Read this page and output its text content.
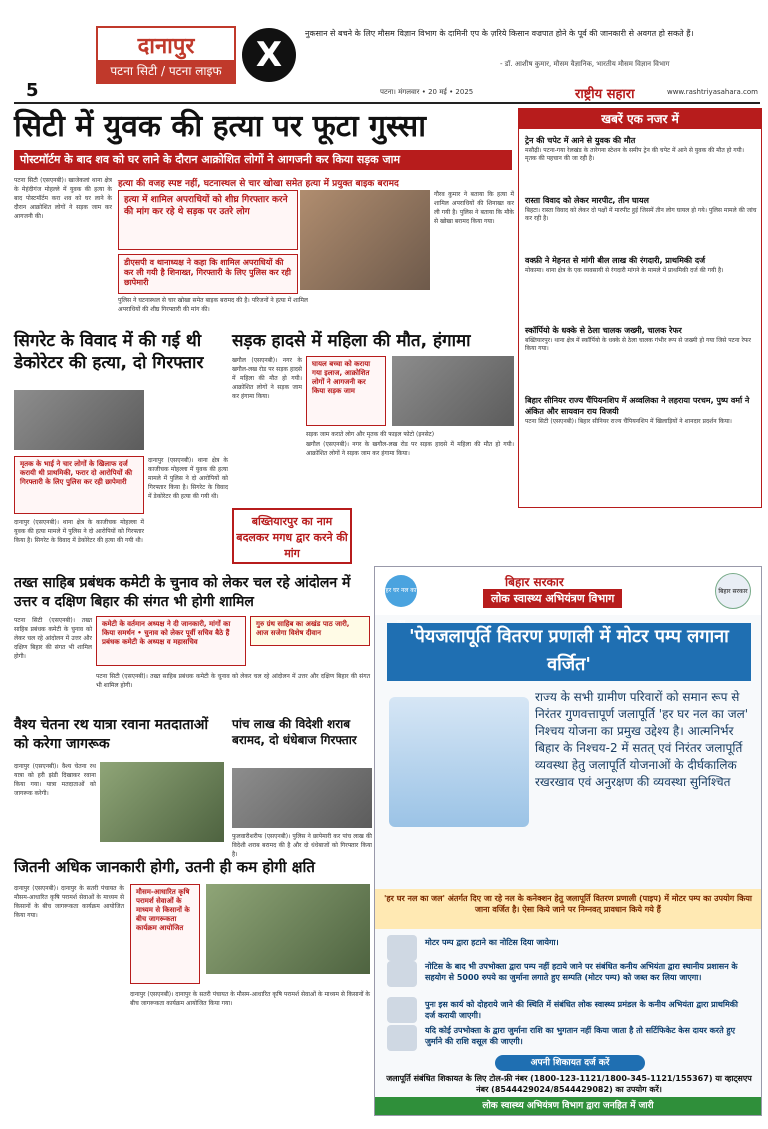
दानापुर
पटना सिटी / पटना लाइफ
5
X
नुकसान से बचने के लिए मौसम विज्ञान विभाग के दामिनी एप के ज़रिये किसान वज्रपात होने के पूर्व की जानकारी से अवगत हो सकते हैं।
- डॉ. आशीष कुमार, मौसम वैज्ञानिक, भारतीय मौसम विज्ञान विभाग
पटना। मंगलवार • 20 मई • 2025	राष्ट्रीय सहारा	www.rashtriyasahara.com
सिटी में युवक की हत्या पर फूटा गुस्सा
पोस्टमॉर्टम के बाद शव को घर लाने के दौरान आक्रोशित लोगों ने आगजनी कर किया सड़क जाम
पटना सिटी (एसएनबी)। खाजेकलां थाना क्षेत्र के मेहंदीगंज मोहल्ले में युवक की हत्या के बाद पोस्टमॉर्टम करा शव को घर लाने के दौरान आक्रोशित लोगों ने सड़क जाम कर आगजनी की।
हत्या की वजह स्पष्ट नहीं, घटनास्थल से चार खोखा समेत हत्या में प्रयुक्त बाइक बरामद
हत्या में शामिल अपराधियों को शीघ्र गिरफ्तार करने की मांग कर रहे थे सड़क पर उतरे लोग
डीएसपी व थानाध्यक्ष ने कहा कि शामिल अपराधियों की कर ली गयी है शिनाख्त, गिरफ्तारी के लिए पुलिस कर रही छापेमारी
पुलिस ने घटनास्थल से चार खोखा समेत बाइक बरामद की है। परिजनों ने हत्या में शामिल अपराधियों की शीघ्र गिरफ्तारी की मांग की।
गौरव कुमार ने बताया कि हत्या में शामिल अपराधियों की शिनाख्त कर ली गयी है। पुलिस ने बताया कि मौके से खोखा बरामद किया गया।
सिगरेट के विवाद में की गई थी डेकोरेटर की हत्या, दो गिरफ्तार
मृतक के भाई ने चार लोगों के खिलाफ दर्ज करायी थी प्राथमिकी, फरार दो आरोपियों की गिरफ्तारी के लिए पुलिस कर रही छापेमारी
दानापुर (एसएनबी)। थाना क्षेत्र के काजीचक मोहल्ला में युवक की हत्या मामले में पुलिस ने दो आरोपियों को गिरफ्तार किया है। सिगरेट के विवाद में डेकोरेटर की हत्या की गयी थी।
दानापुर (एसएनबी)। थाना क्षेत्र के काजीचक मोहल्ला में युवक की हत्या मामले में पुलिस ने दो आरोपियों को गिरफ्तार किया है। सिगरेट के विवाद में डेकोरेटर की हत्या की गयी थी।
सड़क हादसे में महिला की मौत, हंगामा
खगौल (एसएनबी)। नगर के खगौल-लख रोड पर सड़क हादसे में महिला की मौत हो गयी। आक्रोशित लोगों ने सड़क जाम कर हंगामा किया।
घायल बच्चा को कराया गया इलाज, आक्रोशित लोगों ने आगजनी कर किया सड़क जाम
सड़क जाम कराते लोग और मृतक की फाइल फोटो (इनसेट)
खगौल (एसएनबी)। नगर के खगौल-लख रोड पर सड़क हादसे में महिला की मौत हो गयी। आक्रोशित लोगों ने सड़क जाम कर हंगामा किया।
बख्तियारपुर का नाम बदलकर मगध द्वार करने की मांग
खबरें एक नजर में
ट्रेन की चपेट में आने से युवक की मौत
मसौढ़ी। पटना-गया रेलखंड के तारेगना स्टेशन के समीप ट्रेन की चपेट में आने से युवक की मौत हो गयी। मृतक की पहचान की जा रही है।
रास्ता विवाद को लेकर मारपीट, तीन घायल
बिहटा। रास्ता विवाद को लेकर दो पक्षों में मारपीट हुई जिसमें तीन लोग घायल हो गये। पुलिस मामले की जांच कर रही है।
वक्फ़ी ने मेहनत से मांगी बील लाख की रंगदारी, प्राथमिकी दर्ज
मोकामा। थाना क्षेत्र के एक व्यवसायी से रंगदारी मांगने के मामले में प्राथमिकी दर्ज की गयी है।
स्कॉर्पियो के धक्के से ठेला चालक जख्मी, चालक रेफर
बख्तियारपुर। थाना क्षेत्र में स्कॉर्पियो के धक्के से ठेला चालक गंभीर रूप से जख्मी हो गया जिसे पटना रेफर किया गया।
बिहार सीनियर राज्य चैंपियनशिप में अव्वलिका ने लहराया परचम, पुष्प वर्मा ने अंकित और सायवान राय विजयी
पटना सिटी (एसएनबी)। बिहार सीनियर राज्य चैंपियनशिप में खिलाड़ियों ने शानदार प्रदर्शन किया।
तख्त साहिब प्रबंधक कमेटी के चुनाव को लेकर चल रहे आंदोलन में उत्तर व दक्षिण बिहार की संगत भी होगी शामिल
कमेटी के वर्तमान अध्यक्ष ने दी जानकारी, मांगों का किया समर्थन • चुनाव को लेकर पूर्वी सचिव बैठे हैं प्रबंधक कमेटी के अध्यक्ष व महासचिव
गुरु ग्रंथ साहिब का अखंड पाठ जारी, आज सजेगा विशेष दीवान
पटना सिटी (एसएनबी)। तख्त साहिब प्रबंधक कमेटी के चुनाव को लेकर चल रहे आंदोलन में उत्तर और दक्षिण बिहार की संगत भी शामिल होगी।
पटना सिटी (एसएनबी)। तख्त साहिब प्रबंधक कमेटी के चुनाव को लेकर चल रहे आंदोलन में उत्तर और दक्षिण बिहार की संगत भी शामिल होगी।
वैश्य चेतना रथ यात्रा रवाना मतदाताओं को करेगा जागरूक
दानापुर (एसएनबी)। वैश्य चेतना रथ यात्रा को हरी झंडी दिखाकर रवाना किया गया। यात्रा मतदाताओं को जागरूक करेगी।
पांच लाख की विदेशी शराब बरामद, दो धंधेबाज गिरफ्तार
फुलवारीशरीफ (एसएनबी)। पुलिस ने छापेमारी कर पांच लाख की विदेशी शराब बरामद की है और दो धंधेबाजों को गिरफ्तार किया है।
जितनी अधिक जानकारी होगी, उतनी ही कम होगी क्षति
दानापुर (एसएनबी)। दानापुर के सतरी पंचायत के मौसम-आधारित कृषि परामर्श सेवाओं के माध्यम से किसानों के बीच जागरूकता कार्यक्रम आयोजित किया गया।
मौसम-आधारित कृषि परामर्श सेवाओं के माध्यम से किसानों के बीच जागरूकता कार्यक्रम आयोजित
दानापुर (एसएनबी)। दानापुर के सतरी पंचायत के मौसम-आधारित कृषि परामर्श सेवाओं के माध्यम से किसानों के बीच जागरूकता कार्यक्रम आयोजित किया गया।
हर घर नल का
बिहार सरकार
लोक स्वास्थ्य अभियंत्रण विभाग
बिहार सरकार
'पेयजलापूर्ति वितरण प्रणाली में मोटर पम्प लगाना वर्जित'
राज्य के सभी ग्रामीण परिवारों को समान रूप से निरंतर गुणवत्तापूर्ण जलापूर्ति 'हर घर नल का जल' निश्चय योजना का प्रमुख उद्देश्य है। आत्मनिर्भर बिहार के निश्चय-2 में सतत् एवं निरंतर जलापूर्ति व्यवस्था हेतु जलापूर्ति योजनाओं के दीर्घकालिक रखरखाव एवं अनुरक्षण की व्यवस्था सुनिश्चित
'हर घर नल का जल' अंतर्गत दिए जा रहे नल के कनेक्शन हेतु जलापूर्ति वितरण प्रणाली (पाइप) में मोटर पम्प का उपयोग किया जाना वर्जित है। ऐसा किये जाने पर निम्नवत् प्रावधान किये गये हैं
मोटर पम्प द्वारा हटाने का नोटिस दिया जायेगा।
नोटिस के बाद भी उपभोक्ता द्वारा पम्प नहीं हटाये जाने पर संबंधित कनीय अभियंता द्वारा स्थानीय प्रशासन के सहयोग से 5000 रुपये का जुर्माना लगाते हुए सम्पति (मोटर पम्प) को जब्त कर लिया जाएगा।
पुनः इस कार्य को दोहराये जाने की स्थिति में संबंधित लोक स्वास्थ्य प्रमंडल के कनीय अभियंता द्वारा प्राथमिकी दर्ज करायी जाएगी।
यदि कोई उपभोक्ता के द्वारा जुर्माना राशि का भुगतान नहीं किया जाता है तो सर्टिफिकेट केस दायर करते हुए जुर्माने की राशि वसूल की जाएगी।
अपनी शिकायत दर्ज करें
जलापूर्ति संबंधित शिकायत के लिए टोल-फ्री नंबर (1800-123-1121/1800-345-1121/155367) या व्हाट्सएप नंबर (8544429024/8544429082) का उपयोग करें।
लोक स्वास्थ्य अभियंत्रण विभाग द्वारा जनहित में जारी
